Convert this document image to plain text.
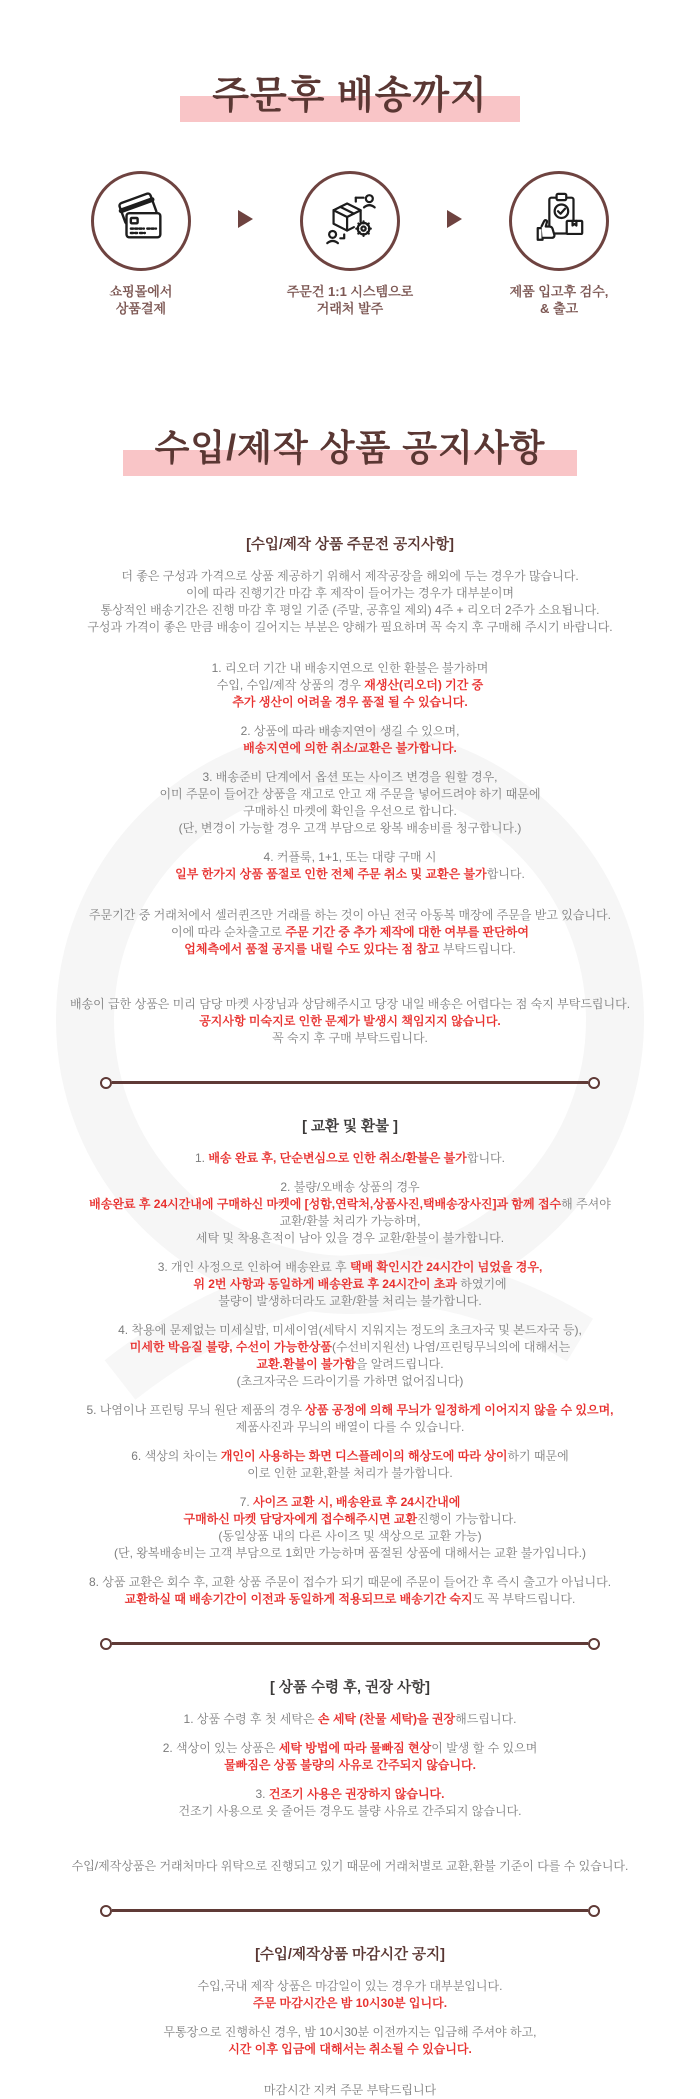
주문후 배송까지
쇼핑몰에서
상품결제
주문건 1:1 시스템으로
거래처 발주
제품 입고후 검수,
& 출고
수입/제작 상품 공지사항
[수입/제작 상품 주문전 공지사항]
더 좋은 구성과 가격으로 상품 제공하기 위해서 제작공장을 해외에 두는 경우가 많습니다.
이에 따라 진행기간 마감 후 제작이 들어가는 경우가 대부분이며
통상적인 배송기간은 진행 마감 후 평일 기준 (주말, 공휴일 제외) 4주 + 리오더 2주가 소요됩니다.
구성과 가격이 좋은 만큼 배송이 길어지는 부분은 양해가 필요하며 꼭 숙지 후 구매해 주시기 바랍니다.
1. 리오더 기간 내 배송지연으로 인한 환불은 불가하며
수입, 수입/제작 상품의 경우 재생산(리오더) 기간 중
추가 생산이 어려울 경우 품절 될 수 있습니다.
2. 상품에 따라 배송지연이 생길 수 있으며,
배송지연에 의한 취소/교환은 불가합니다.
3. 배송준비 단계에서 옵션 또는 사이즈 변경을 원할 경우,
이미 주문이 들어간 상품을 재고로 안고 재 주문을 넣어드려야 하기 때문에
구매하신 마켓에 확인을 우선으로 합니다.
(단, 변경이 가능할 경우 고객 부담으로 왕복 배송비를 청구합니다.)
4. 커플룩, 1+1, 또는 대량 구매 시
일부 한가지 상품 품절로 인한 전체 주문 취소 및 교환은 불가합니다.
주문기간 중 거래처에서 셀러퀸즈만 거래를 하는 것이 아닌 전국 아동복 매장에 주문을 받고 있습니다.
이에 따라 순차출고로 주문 기간 중 추가 제작에 대한 여부를 판단하여
업체측에서 품절 공지를 내릴 수도 있다는 점 참고 부탁드립니다.
배송이 급한 상품은 미리 담당 마켓 사장님과 상담해주시고 당장 내일 배송은 어렵다는 점 숙지 부탁드립니다.
공지사항 미숙지로 인한 문제가 발생시 책임지지 않습니다.
꼭 숙지 후 구매 부탁드립니다.
[ 교환 및 환불 ]
1. 배송 완료 후, 단순변심으로 인한 취소/환불은 불가합니다.
2. 불량/오배송 상품의 경우
배송완료 후 24시간내에 구매하신 마켓에 [성함,연락처,상품사진,택배송장사진]과 함께 접수해 주셔야
교환/환불 처리가 가능하며,
세탁 및 착용흔적이 남아 있을 경우 교환/환불이 불가합니다.
3. 개인 사정으로 인하여 배송완료 후 택배 확인시간 24시간이 넘었을 경우,
위 2번 사항과 동일하게 배송완료 후 24시간이 초과 하였기에
불량이 발생하더라도 교환/환불 처리는 불가합니다.
4. 착용에 문제없는 미세실밥, 미세이염(세탁시 지워지는 정도의 초크자국 및 본드자국 등),
미세한 박음질 불량, 수선이 가능한상품(수선비지원선) 나염/프린팅무늬의에 대해서는
교환.환불이 불가함을 알려드립니다.
(초크자국은 드라이기를 가하면 없어집니다)
5. 나염이나 프린팅 무늬 원단 제품의 경우 상품 공정에 의해 무늬가 일정하게 이어지지 않을 수 있으며,
제품사진과 무늬의 배열이 다를 수 있습니다.
6. 색상의 차이는 개인이 사용하는 화면 디스플레이의 해상도에 따라 상이하기 때문에
이로 인한 교환,환불 처리가 불가합니다.
7. 사이즈 교환 시, 배송완료 후 24시간내에
구매하신 마켓 담당자에게 접수해주시면 교환진행이 가능합니다.
(동일상품 내의 다른 사이즈 및 색상으로 교환 가능)
(단, 왕복배송비는 고객 부담으로 1회만 가능하며 품절된 상품에 대해서는 교환 불가입니다.)
8. 상품 교환은 회수 후, 교환 상품 주문이 접수가 되기 때문에 주문이 들어간 후 즉시 출고가 아닙니다.
교환하실 때 배송기간이 이전과 동일하게 적용되므로 배송기간 숙지도 꼭 부탁드립니다.
[ 상품 수령 후, 권장 사항]
1. 상품 수령 후 첫 세탁은 손 세탁 (찬물 세탁)을 권장해드립니다.
2. 색상이 있는 상품은 세탁 방법에 따라 물빠짐 현상이 발생 할 수 있으며
물빠짐은 상품 불량의 사유로 간주되지 않습니다.
3. 건조기 사용은 권장하지 않습니다.
건조기 사용으로 옷 줄어든 경우도 불량 사유로 간주되지 않습니다.
수입/제작상품은 거래처마다 위탁으로 진행되고 있기 때문에 거래처별로 교환,환불 기준이 다를 수 있습니다.
[수입/제작상품 마감시간 공지]
수입,국내 제작 상품은 마감일이 있는 경우가 대부분입니다.
주문 마감시간은 밤 10시30분 입니다.
무통장으로 진행하신 경우, 밤 10시30분 이전까지는 입금해 주셔야 하고,
시간 이후 입금에 대해서는 취소될 수 있습니다.
마감시간 지켜 주문 부탁드립니다
